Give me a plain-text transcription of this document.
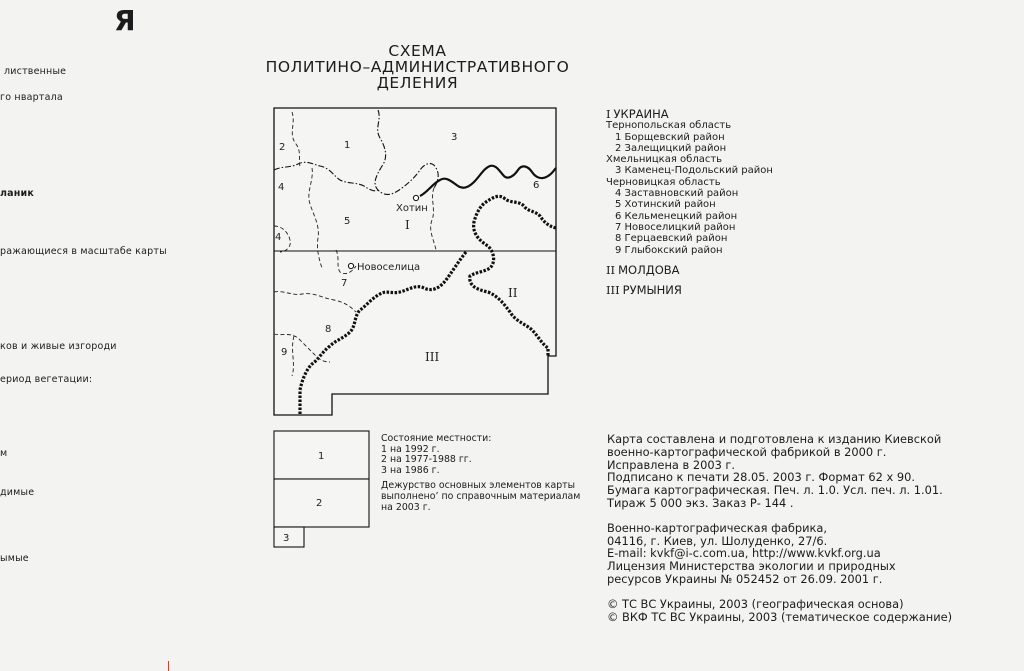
Я
лиственные
го нвартала
ланик
ражающиеся в масштабе карты
ков и живые изгороди
ериод вегетации:
м
димые
ымые
СХЕМА
ПОЛИТИНО–АДМИНИСТРАТИВНОГО
ДЕЛЕНИЯ
Хотин
Новоселица
1
2
3
4
4
5
6
7
8
9
I
II
III
1
2
3
I УКРАИНА
Тернопольская область
1 Борщевский район
2 Залещицкий район
Хмельницкая область
3 Каменец-Подольский район
Черновицкая область
4 Заставновский район
5 Хотинский район
6 Кельменецкий район
7 Новоселицкий район
8 Герцаевский район
9 Глыбокский район
II МОЛДОВА
III РУМЫНИЯ
Состояние местности:
1 на 1992 г.
2 на 1977-1988 гг.
3 на 1986 г.
Дежурство основных элементов карты
выполнено’ по справочным материалам
на 2003 г.
Карта составлена и подготовлена к изданию Киевской
военно-картографической фабрикой в 2000 г.
Исправлена в 2003 г.
Подписано к печати 28.05. 2003 г. Формат 62 х 90.
Бумага картографическая. Печ. л. 1.0. Усл. печ. л. 1.01.
Тираж 5 000 экз. Заказ Р- 144 .
Военно-картографическая фабрика,
04116, г. Киев, ул. Шолуденко, 27/6.
E-mail: kvkf@i-c.com.ua, http://www.kvkf.org.ua
Лицензия Министерства экологии и природных
ресурсов Украины № 052452 от 26.09. 2001 г.
© ТС ВС Украины, 2003 (географическая основа)
© ВКФ ТС ВС Украины, 2003 (тематическое содержание)
